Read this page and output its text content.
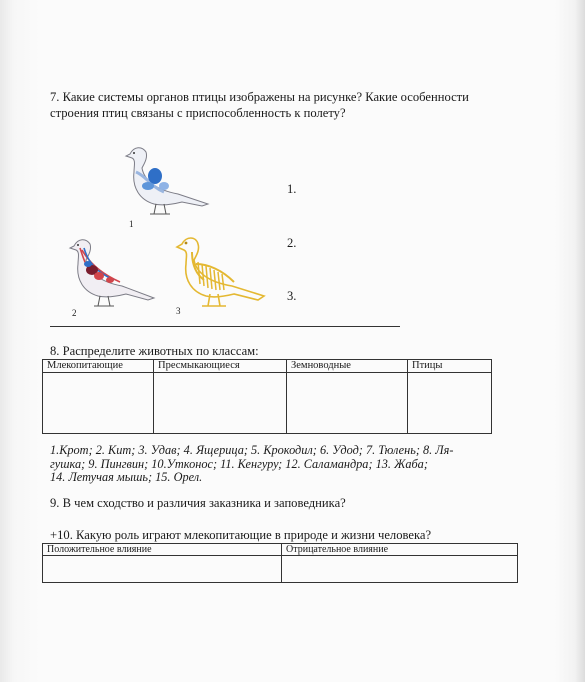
7. Какие системы органов птицы изображены на рисунке? Какие особенности строения птиц связаны с приспособленность к полету?
1
2	3
1.
2.
3.
8. Распределите животных по классам:
Млекопитающие	Пресмыкающиеся	Земноводные	Птицы

1.Крот; 2. Кит; 3. Удав; 4. Ящерица; 5. Крокодил; 6. Удод; 7. Тюлень; 8. Ля-
гушка; 9. Пингвин; 10.Утконос; 11. Кенгуру; 12. Саламандра; 13. Жаба;
14. Летучая мышь; 15. Орел.
9. В чем сходство и различия заказника и заповедника?
+10. Какую роль играют млекопитающие в природе и жизни человека?
Положительное влияние	Отрицательное влияние
